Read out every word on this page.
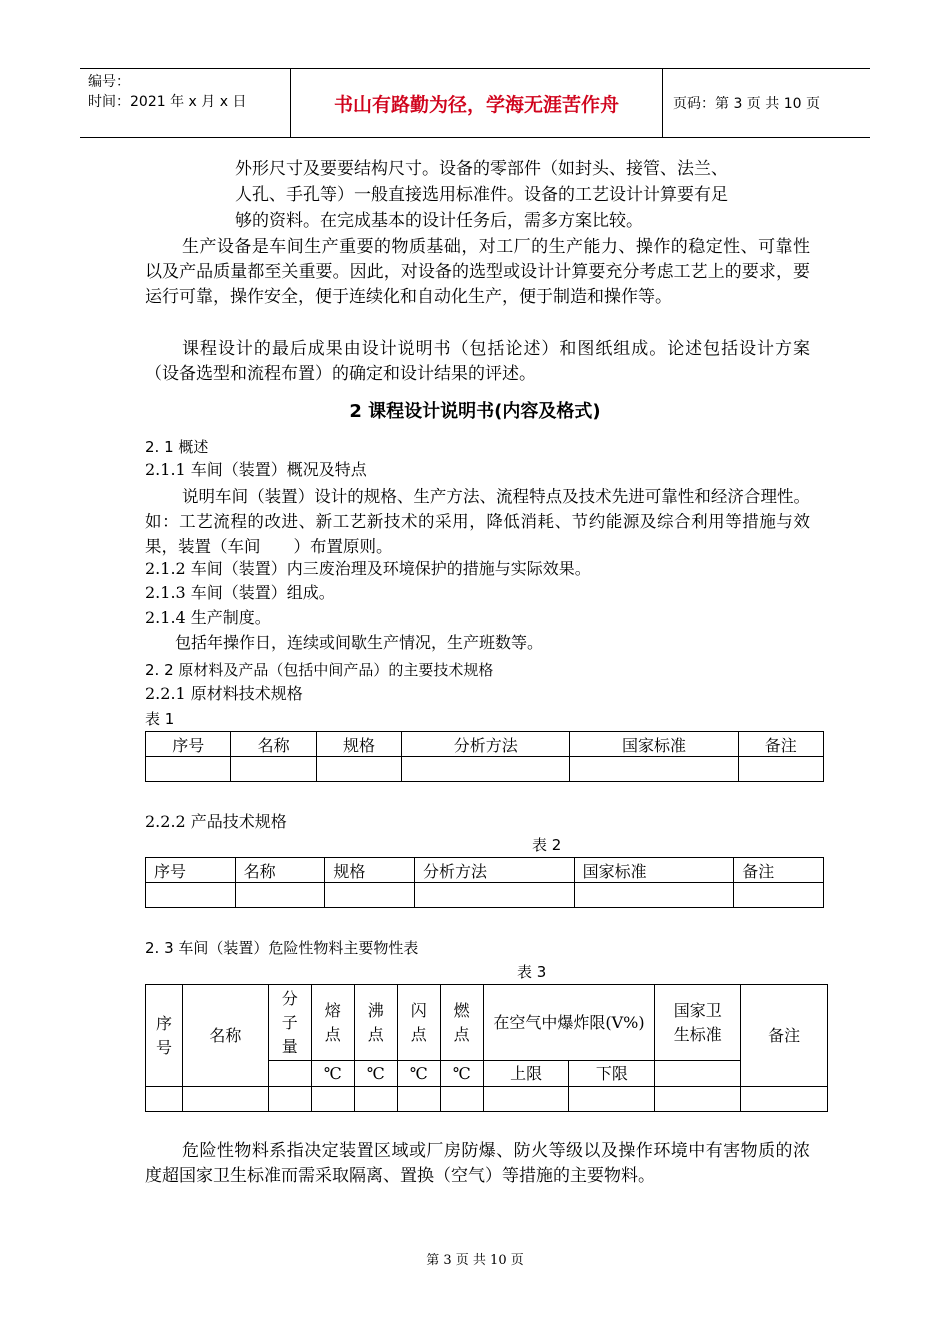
编号：
时间：2021 年 x 月 x 日	书山有路勤为径，学海无涯苦作舟	页码：第 3 页 共 10 页
外形尺寸及要要结构尺寸。设备的零部件（如封头、接管、法兰、
人孔、手孔等）一般直接选用标准件。设备的工艺设计计算要有足
够的资料。在完成基本的设计任务后，需多方案比较。

生产设备是车间生产重要的物质基础，对工厂的生产能力、操作的稳定性、可靠性以及产品质量都至关重要。因此，对设备的选型或设计计算要充分考虑工艺上的要求，要运行可靠，操作安全，便于连续化和自动化生产，便于制造和操作等。

课程设计的最后成果由设计说明书（包括论述）和图纸组成。论述包括设计方案（设备选型和流程布置）的确定和设计结果的评述。

2 课程设计说明书(内容及格式)
2. 1 概述
2.1.1 车间（装置）概况及特点

说明车间（装置）设计的规格、生产方法、流程特点及技术先进可靠性和经济合理性。如：工艺流程的改进、新工艺新技术的采用，降低消耗、节约能源及综合利用等措施与效果，装置（车间　　）布置原则。

2.1.2 车间（装置）内三废治理及环境保护的措施与实际效果。
2.1.3 车间（装置）组成。
2.1.4 生产制度。
包括年操作日，连续或间歇生产情况，生产班数等。
2. 2 原材料及产品（包括中间产品）的主要技术规格
2.2.1 原材料技术规格
表 1
序号	名称	规格	分析方法	国家标准	备注

2.2.2 产品技术规格
表 2
序号	名称	规格	分析方法	国家标准	备注

2. 3 车间（装置）危险性物料主要物性表
表 3
序号	名称	分子量	熔点	沸点	闪点	燃点	在空气中爆炸限(V%)		国家卫生标准	备注
			℃	℃	℃	℃	上限	下限		

危险性物料系指决定装置区域或厂房防爆、防火等级以及操作环境中有害物质的浓度超国家卫生标准而需采取隔离、置换（空气）等措施的主要物料。

第 3 页 共 10 页
